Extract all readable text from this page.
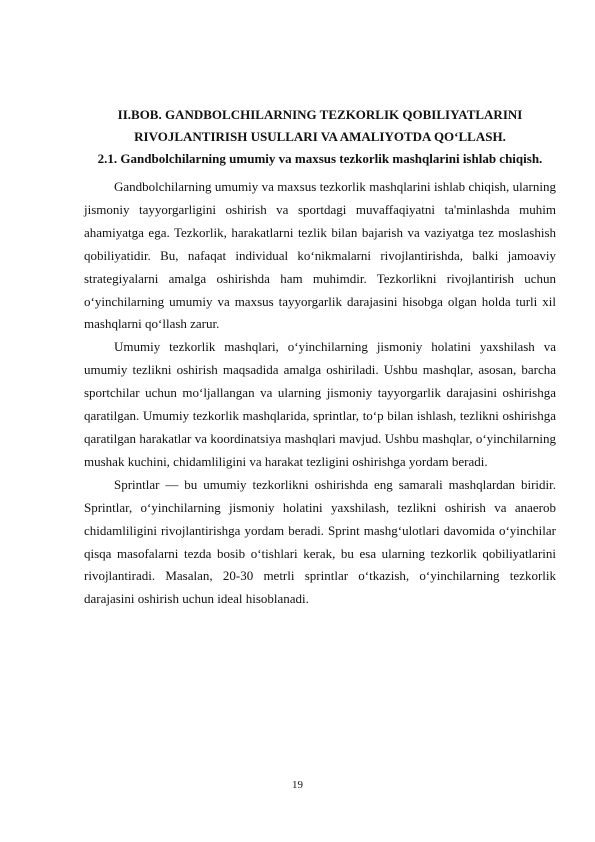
II.BOB. GANDBOLCHILARNING TEZKORLIK QOBILIYATLARINI RIVOJLANTIRISH USULLARI VA AMALIYOTDA QO‘LLASH.
2.1. Gandbolchilarning umumiy va maxsus tezkorlik mashqlarini ishlab chiqish.

Gandbolchilarning umumiy va maxsus tezkorlik mashqlarini ishlab chiqish, ularning jismoniy tayyorgarligini oshirish va sportdagi muvaffaqiyatni ta'minlashda muhim ahamiyatga ega. Tezkorlik, harakatlarni tezlik bilan bajarish va vaziyatga tez moslashish qobiliyatidir. Bu, nafaqat individual ko‘nikmalarni rivojlantirishda, balki jamoaviy strategiyalarni amalga oshirishda ham muhimdir. Tezkorlikni rivojlantirish uchun o‘yinchilarning umumiy va maxsus tayyorgarlik darajasini hisobga olgan holda turli xil mashqlarni qo‘llash zarur.

Umumiy tezkorlik mashqlari, o‘yinchilarning jismoniy holatini yaxshilash va umumiy tezlikni oshirish maqsadida amalga oshiriladi. Ushbu mashqlar, asosan, barcha sportchilar uchun mo‘ljallangan va ularning jismoniy tayyorgarlik darajasini oshirishga qaratilgan. Umumiy tezkorlik mashqlarida, sprintlar, to‘p bilan ishlash, tezlikni oshirishga qaratilgan harakatlar va koordinatsiya mashqlari mavjud. Ushbu mashqlar, o‘yinchilarning mushak kuchini, chidamliligini va harakat tezligini oshirishga yordam beradi.

Sprintlar — bu umumiy tezkorlikni oshirishda eng samarali mashqlardan biridir. Sprintlar, o‘yinchilarning jismoniy holatini yaxshilash, tezlikni oshirish va anaerob chidamliligini rivojlantirishga yordam beradi. Sprint mashg‘ulotlari davomida o‘yinchilar qisqa masofalarni tezda bosib o‘tishlari kerak, bu esa ularning tezkorlik qobiliyatlarini rivojlantiradi. Masalan, 20-30 metrli sprintlar o‘tkazish, o‘yinchilarning tezkorlik darajasini oshirish uchun ideal hisoblanadi.

19
